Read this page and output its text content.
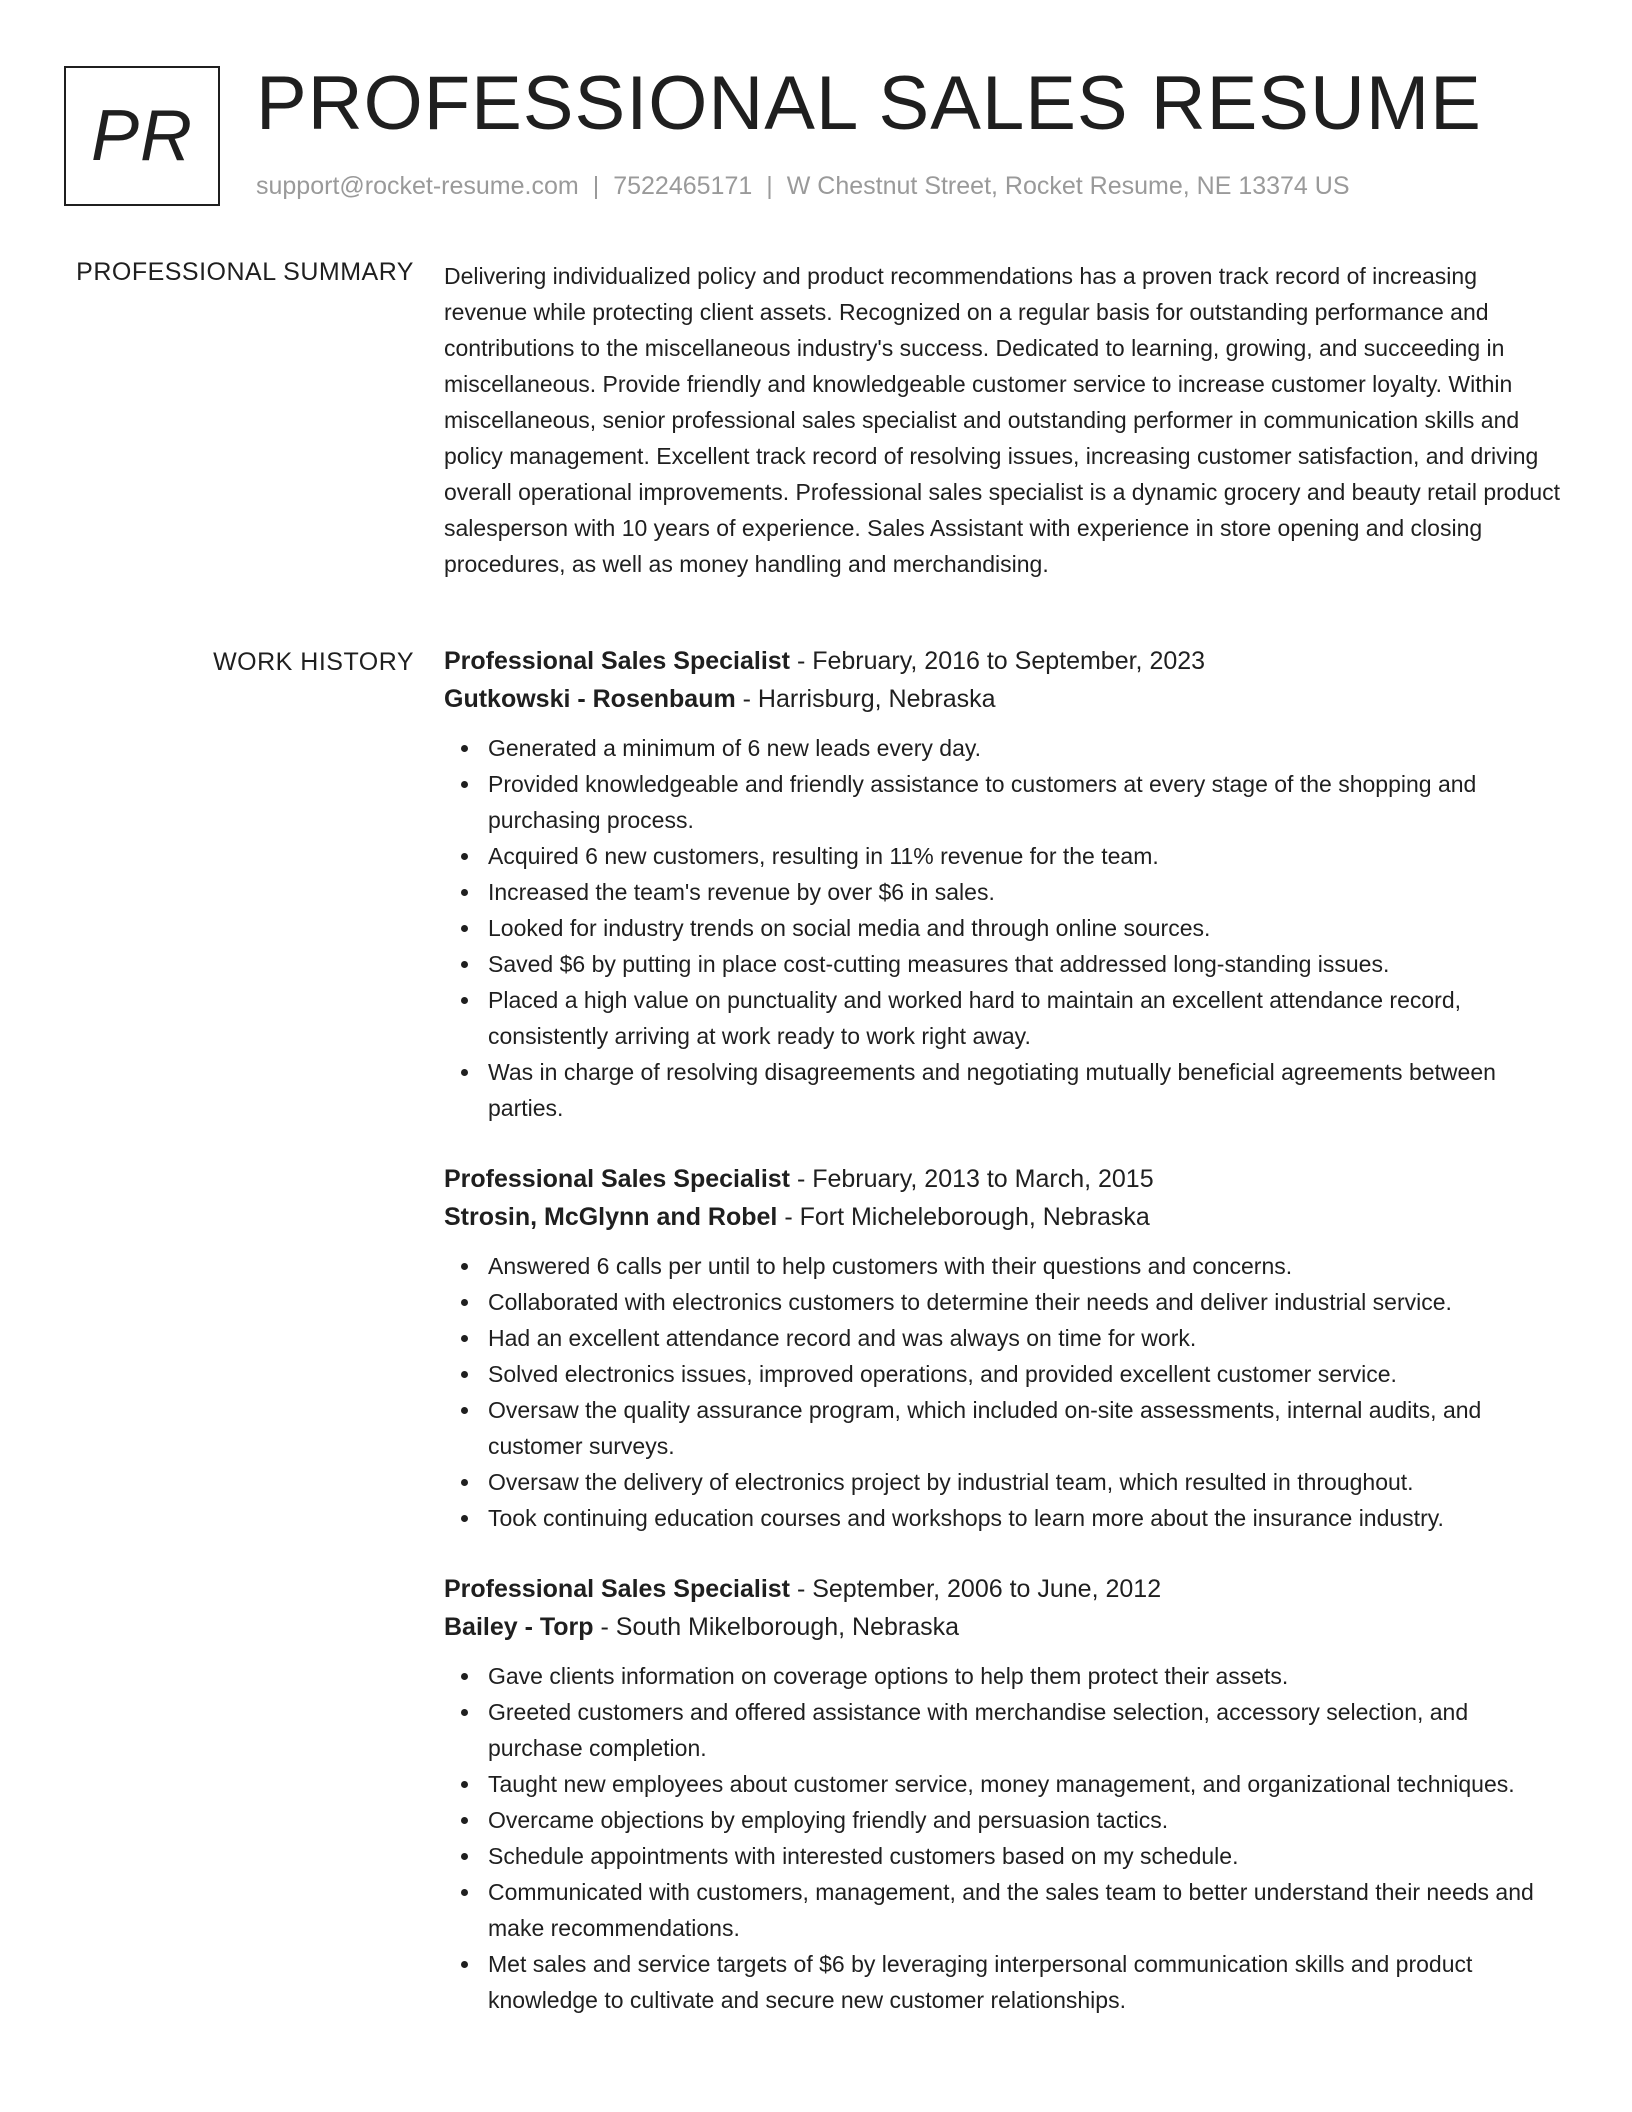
PR PROFESSIONAL SALES RESUME
support@rocket-resume.com | 7522465171 | W Chestnut Street, Rocket Resume, NE 13374 US
PROFESSIONAL SUMMARY Delivering individualized policy and product recommendations has a proven track record of increasing revenue while protecting client assets. Recognized on a regular basis for outstanding performance and contributions to the miscellaneous industry's success. Dedicated to learning, growing, and succeeding in miscellaneous. Provide friendly and knowledgeable customer service to increase customer loyalty. Within miscellaneous, senior professional sales specialist and outstanding performer in communication skills and policy management. Excellent track record of resolving issues, increasing customer satisfaction, and driving overall operational improvements. Professional sales specialist is a dynamic grocery and beauty retail product salesperson with 10 years of experience. Sales Assistant with experience in store opening and closing procedures, as well as money handling and merchandising.

WORK HISTORY Professional Sales Specialist - February, 2016 to September, 2023
Gutkowski - Rosenbaum - Harrisburg, Nebraska
Generated a minimum of 6 new leads every day.
Provided knowledgeable and friendly assistance to customers at every stage of the shopping and purchasing process.
Acquired 6 new customers, resulting in 11% revenue for the team.
Increased the team's revenue by over $6 in sales.
Looked for industry trends on social media and through online sources.
Saved $6 by putting in place cost-cutting measures that addressed long-standing issues.
Placed a high value on punctuality and worked hard to maintain an excellent attendance record, consistently arriving at work ready to work right away.
Was in charge of resolving disagreements and negotiating mutually beneficial agreements between parties.
Professional Sales Specialist - February, 2013 to March, 2015
Strosin, McGlynn and Robel - Fort Micheleborough, Nebraska
Answered 6 calls per until to help customers with their questions and concerns.
Collaborated with electronics customers to determine their needs and deliver industrial service.
Had an excellent attendance record and was always on time for work.
Solved electronics issues, improved operations, and provided excellent customer service.
Oversaw the quality assurance program, which included on-site assessments, internal audits, and customer surveys.
Oversaw the delivery of electronics project by industrial team, which resulted in throughout.
Took continuing education courses and workshops to learn more about the insurance industry.
Professional Sales Specialist - September, 2006 to June, 2012
Bailey - Torp - South Mikelborough, Nebraska
Gave clients information on coverage options to help them protect their assets.
Greeted customers and offered assistance with merchandise selection, accessory selection, and purchase completion.
Taught new employees about customer service, money management, and organizational techniques.
Overcame objections by employing friendly and persuasion tactics.
Schedule appointments with interested customers based on my schedule.
Communicated with customers, management, and the sales team to better understand their needs and make recommendations.
Met sales and service targets of $6 by leveraging interpersonal communication skills and product knowledge to cultivate and secure new customer relationships.
